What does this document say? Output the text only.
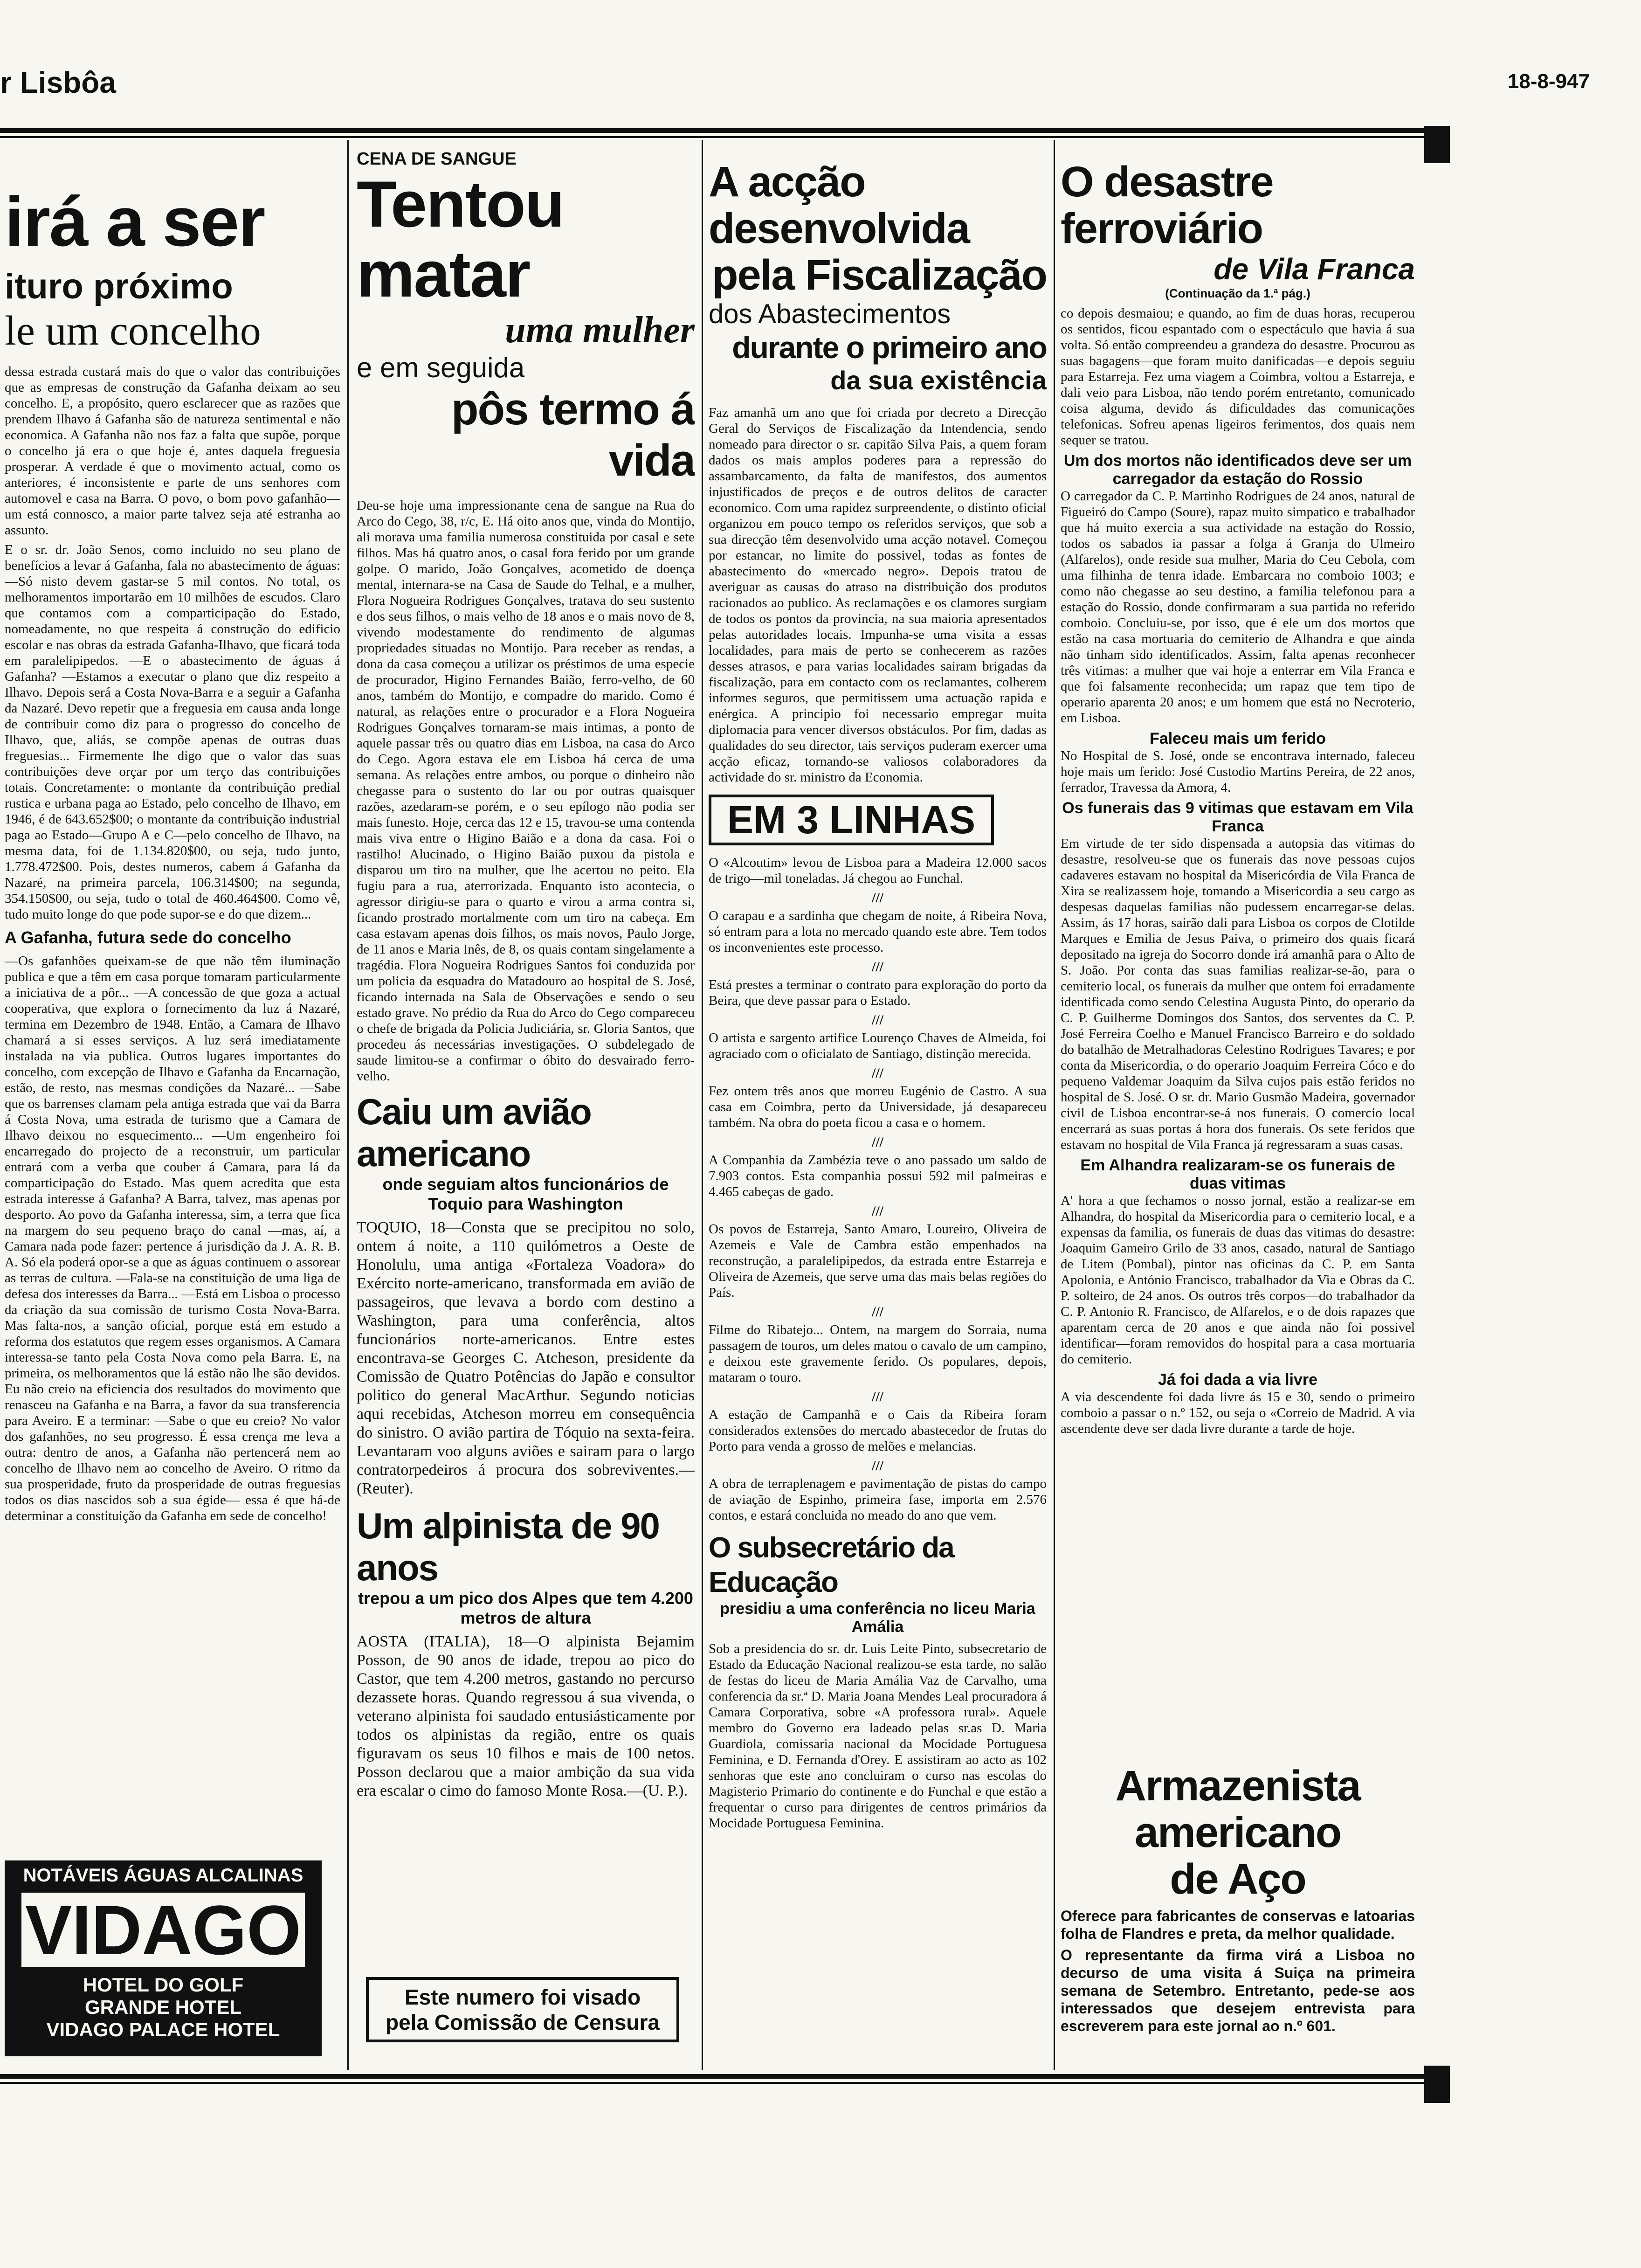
r Lisbôa	18-8-947
irá a ser
ituro próximo
le um concelho
dessa estrada custará mais do que o valor das contribuições que as empresas de construção da Gafanha deixam ao seu concelho. E, a propósito, quero esclarecer que as razões que prendem Ilhavo á Gafanha são de natureza sentimental e não economica. A Gafanha não nos faz a falta que supõe, porque o concelho já era o que hoje é, antes daquela freguesia prosperar. A verdade é que o movimento actual, como os anteriores, é inconsistente e parte de uns senhores com automovel e casa na Barra. O povo, o bom povo gafanhão— um está connosco, a maior parte talvez seja até estranha ao assunto.
E o sr. dr. João Senos, como incluido no seu plano de benefícios a levar á Gafanha, fala no abastecimento de águas: —Só nisto devem gastar-se 5 mil contos. No total, os melhoramentos importarão em 10 milhões de escudos. Claro que contamos com a comparticipação do Estado, nomeadamente, no que respeita á construção do edificio escolar e nas obras da estrada Gafanha-Ilhavo, que ficará toda em paralelipipedos. —E o abastecimento de águas á Gafanha? —Estamos a executar o plano que diz respeito a Ilhavo. Depois será a Costa Nova-Barra e a seguir a Gafanha da Nazaré. Devo repetir que a freguesia em causa anda longe de contribuir como diz para o progresso do concelho de Ilhavo, que, aliás, se compõe apenas de outras duas freguesias... Firmemente lhe digo que o valor das suas contribuições deve orçar por um terço das contribuições totais. Concretamente: o montante da contribuição predial rustica e urbana paga ao Estado, pelo concelho de Ilhavo, em 1946, é de 643.652$00; o montante da contribuição industrial paga ao Estado—Grupo A e C—pelo concelho de Ilhavo, na mesma data, foi de 1.134.820$00, ou seja, tudo junto, 1.778.472$00. Pois, destes numeros, cabem á Gafanha da Nazaré, na primeira parcela, 106.314$00; na segunda, 354.150$00, ou seja, tudo o total de 460.464$00. Como vê, tudo muito longe do que pode supor-se e do que dizem...
A Gafanha, futura sede do concelho
—Os gafanhões queixam-se de que não têm iluminação publica e que a têm em casa porque tomaram particularmente a iniciativa de a pôr... —A concessão de que goza a actual cooperativa, que explora o fornecimento da luz á Nazaré, termina em Dezembro de 1948. Então, a Camara de Ilhavo chamará a si esses serviços. A luz será imediatamente instalada na via publica. Outros lugares importantes do concelho, com excepção de Ilhavo e Gafanha da Encarnação, estão, de resto, nas mesmas condições da Nazaré... —Sabe que os barrenses clamam pela antiga estrada que vai da Barra á Costa Nova, uma estrada de turismo que a Camara de Ilhavo deixou no esquecimento... —Um engenheiro foi encarregado do projecto de a reconstruir, um particular entrará com a verba que couber á Camara, para lá da comparticipação do Estado. Mas quem acredita que esta estrada interesse á Gafanha? A Barra, talvez, mas apenas por desporto. Ao povo da Gafanha interessa, sim, a terra que fica na margem do seu pequeno braço do canal —mas, aí, a Camara nada pode fazer: pertence á jurisdição da J. A. R. B. A. Só ela poderá opor-se a que as águas continuem o assorear as terras de cultura. —Fala-se na constituição de uma liga de defesa dos interesses da Barra... —Está em Lisboa o processo da criação da sua comissão de turismo Costa Nova-Barra. Mas falta-nos, a sanção oficial, porque está em estudo a reforma dos estatutos que regem esses organismos. A Camara interessa-se tanto pela Costa Nova como pela Barra. E, na primeira, os melhoramentos que lá estão não lhe são devidos. Eu não creio na eficiencia dos resultados do movimento que renasceu na Gafanha e na Barra, a favor da sua transferencia para Aveiro. E a terminar: —Sabe o que eu creio? No valor dos gafanhões, no seu progresso. É essa crença me leva a outra: dentro de anos, a Gafanha não pertencerá nem ao concelho de Ilhavo nem ao concelho de Aveiro. O ritmo da sua prosperidade, fruto da prosperidade de outras freguesias todos os dias nascidos sob a sua égide— essa é que há-de determinar a constituição da Gafanha em sede de concelho!
NOTÁVEIS ÁGUAS ALCALINAS
VIDAGO
HOTEL DO GOLF
GRANDE HOTEL
VIDAGO PALACE HOTEL
CENA DE SANGUE
Tentou matar
uma mulher
e em seguida
pôs termo á vida
Deu-se hoje uma impressionante cena de sangue na Rua do Arco do Cego, 38, r/c, E. Há oito anos que, vinda do Montijo, ali morava uma familia numerosa constituida por casal e sete filhos. Mas há quatro anos, o casal fora ferido por um grande golpe. O marido, João Gonçalves, acometido de doença mental, internara-se na Casa de Saude do Telhal, e a mulher, Flora Nogueira Rodrigues Gonçalves, tratava do seu sustento e dos seus filhos, o mais velho de 18 anos e o mais novo de 8, vivendo modestamente do rendimento de algumas propriedades situadas no Montijo. Para receber as rendas, a dona da casa começou a utilizar os préstimos de uma especie de procurador, Higino Fernandes Baião, ferro-velho, de 60 anos, também do Montijo, e compadre do marido. Como é natural, as relações entre o procurador e a Flora Nogueira Rodrigues Gonçalves tornaram-se mais intimas, a ponto de aquele passar três ou quatro dias em Lisboa, na casa do Arco do Cego. Agora estava ele em Lisboa há cerca de uma semana. As relações entre ambos, ou porque o dinheiro não chegasse para o sustento do lar ou por outras quaisquer razões, azedaram-se porém, e o seu epílogo não podia ser mais funesto. Hoje, cerca das 12 e 15, travou-se uma contenda mais viva entre o Higino Baião e a dona da casa. Foi o rastilho! Alucinado, o Higino Baião puxou da pistola e disparou um tiro na mulher, que lhe acertou no peito. Ela fugiu para a rua, aterrorizada. Enquanto isto acontecia, o agressor dirigiu-se para o quarto e virou a arma contra si, ficando prostrado mortalmente com um tiro na cabeça. Em casa estavam apenas dois filhos, os mais novos, Paulo Jorge, de 11 anos e Maria Inês, de 8, os quais contam singelamente a tragédia. Flora Nogueira Rodrigues Santos foi conduzida por um policia da esquadra do Matadouro ao hospital de S. José, ficando internada na Sala de Observações e sendo o seu estado grave. No prédio da Rua do Arco do Cego compareceu o chefe de brigada da Policia Judiciária, sr. Gloria Santos, que procedeu ás necessárias investigações. O subdelegado de saude limitou-se a confirmar o óbito do desvairado ferro-velho.
Caiu um avião americano
onde seguiam altos funcionários de Toquio para Washington
TOQUIO, 18—Consta que se precipitou no solo, ontem á noite, a 110 quilómetros a Oeste de Honolulu, uma antiga «Fortaleza Voadora» do Exército norte-americano, transformada em avião de passageiros, que levava a bordo com destino a Washington, para uma conferência, altos funcionários norte-americanos. Entre estes encontrava-se Georges C. Atcheson, presidente da Comissão de Quatro Potências do Japão e consultor politico do general MacArthur. Segundo noticias aqui recebidas, Atcheson morreu em consequência do sinistro. O avião partira de Tóquio na sexta-feira. Levantaram voo alguns aviões e sairam para o largo contratorpedeiros á procura dos sobreviventes.—(Reuter).
Um alpinista de 90 anos
trepou a um pico dos Alpes que tem 4.200 metros de altura
AOSTA (ITALIA), 18—O alpinista Bejamim Posson, de 90 anos de idade, trepou ao pico do Castor, que tem 4.200 metros, gastando no percurso dezassete horas. Quando regressou á sua vivenda, o veterano alpinista foi saudado entusiásticamente por todos os alpinistas da região, entre os quais figuravam os seus 10 filhos e mais de 100 netos. Posson declarou que a maior ambição da sua vida era escalar o cimo do famoso Monte Rosa.—(U. P.).
Este numero foi visado
pela Comissão de Censura
A acção desenvolvida
pela Fiscalização
dos Abastecimentos
durante o primeiro ano
da sua existência
Faz amanhã um ano que foi criada por decreto a Direcção Geral do Serviços de Fiscalização da Intendencia, sendo nomeado para director o sr. capitão Silva Pais, a quem foram dados os mais amplos poderes para a repressão do assambarcamento, da falta de manifestos, dos aumentos injustificados de preços e de outros delitos de caracter economico. Com uma rapidez surpreendente, o distinto oficial organizou em pouco tempo os referidos serviços, que sob a sua direcção têm desenvolvido uma acção notavel. Começou por estancar, no limite do possivel, todas as fontes de abastecimento do «mercado negro». Depois tratou de averiguar as causas do atraso na distribuição dos produtos racionados ao publico. As reclamações e os clamores surgiam de todos os pontos da provincia, na sua maioria apresentados pelas autoridades locais. Impunha-se uma visita a essas localidades, para mais de perto se conhecerem as razões desses atrasos, e para varias localidades sairam brigadas da fiscalização, para em contacto com os reclamantes, colherem informes seguros, que permitissem uma actuação rapida e enérgica. A principio foi necessario empregar muita diplomacia para vencer diversos obstáculos. Por fim, dadas as qualidades do seu director, tais serviços puderam exercer uma acção eficaz, tornando-se valiosos colaboradores da actividade do sr. ministro da Economia.
EM 3 LINHAS
O «Alcoutim» levou de Lisboa para a Madeira 12.000 sacos de trigo—mil toneladas. Já chegou ao Funchal.
///
O carapau e a sardinha que chegam de noite, á Ribeira Nova, só entram para a lota no mercado quando este abre. Tem todos os inconvenientes este processo.
///
Está prestes a terminar o contrato para exploração do porto da Beira, que deve passar para o Estado.
///
O artista e sargento artifice Lourenço Chaves de Almeida, foi agraciado com o oficialato de Santiago, distinção merecida.
///
Fez ontem três anos que morreu Eugénio de Castro. A sua casa em Coimbra, perto da Universidade, já desapareceu também. Na obra do poeta ficou a casa e o homem.
///
A Companhia da Zambézia teve o ano passado um saldo de 7.903 contos. Esta companhia possui 592 mil palmeiras e 4.465 cabeças de gado.
///
Os povos de Estarreja, Santo Amaro, Loureiro, Oliveira de Azemeis e Vale de Cambra estão empenhados na reconstrução, a paralelipipedos, da estrada entre Estarreja e Oliveira de Azemeis, que serve uma das mais belas regiões do País.
///
Filme do Ribatejo... Ontem, na margem do Sorraia, numa passagem de touros, um deles matou o cavalo de um campino, e deixou este gravemente ferido. Os populares, depois, mataram o touro.
///
A estação de Campanhã e o Cais da Ribeira foram considerados extensões do mercado abastecedor de frutas do Porto para venda a grosso de melões e melancias.
///
A obra de terraplenagem e pavimentação de pistas do campo de aviação de Espinho, primeira fase, importa em 2.576 contos, e estará concluida no meado do ano que vem.
O subsecretário da Educação
presidiu a uma conferência no liceu Maria Amália
Sob a presidencia do sr. dr. Luis Leite Pinto, subsecretario de Estado da Educação Nacional realizou-se esta tarde, no salão de festas do liceu de Maria Amália Vaz de Carvalho, uma conferencia da sr.ª D. Maria Joana Mendes Leal procuradora á Camara Corporativa, sobre «A professora rural». Aquele membro do Governo era ladeado pelas sr.as D. Maria Guardiola, comissaria nacional da Mocidade Portuguesa Feminina, e D. Fernanda d'Orey. E assistiram ao acto as 102 senhoras que este ano concluiram o curso nas escolas do Magisterio Primario do continente e do Funchal e que estão a frequentar o curso para dirigentes de centros primários da Mocidade Portuguesa Feminina.
O desastre ferroviário
de Vila Franca
(Continuação da 1.ª pág.)
co depois desmaiou; e quando, ao fim de duas horas, recuperou os sentidos, ficou espantado com o espectáculo que havia á sua volta. Só então compreendeu a grandeza do desastre. Procurou as suas bagagens—que foram muito danificadas—e depois seguiu para Estarreja. Fez uma viagem a Coimbra, voltou a Estarreja, e dali veio para Lisboa, não tendo porém entretanto, comunicado coisa alguma, devido ás dificuldades das comunicações telefonicas. Sofreu apenas ligeiros ferimentos, dos quais nem sequer se tratou.
Um dos mortos não identificados deve ser um carregador da estação do Rossio
O carregador da C. P. Martinho Rodrigues de 24 anos, natural de Figueiró do Campo (Soure), rapaz muito simpatico e trabalhador que há muito exercia a sua actividade na estação do Rossio, todos os sabados ia passar a folga á Granja do Ulmeiro (Alfarelos), onde reside sua mulher, Maria do Ceu Cebola, com uma filhinha de tenra idade. Embarcara no comboio 1003; e como não chegasse ao seu destino, a familia telefonou para a estação do Rossio, donde confirmaram a sua partida no referido comboio. Concluiu-se, por isso, que é ele um dos mortos que estão na casa mortuaria do cemiterio de Alhandra e que ainda não tinham sido identificados. Assim, falta apenas reconhecer três vitimas: a mulher que vai hoje a enterrar em Vila Franca e que foi falsamente reconhecida; um rapaz que tem tipo de operario aparenta 20 anos; e um homem que está no Necroterio, em Lisboa.
Faleceu mais um ferido
No Hospital de S. José, onde se encontrava internado, faleceu hoje mais um ferido: José Custodio Martins Pereira, de 22 anos, ferrador, Travessa da Amora, 4.
Os funerais das 9 vitimas que estavam em Vila Franca
Em virtude de ter sido dispensada a autopsia das vitimas do desastre, resolveu-se que os funerais das nove pessoas cujos cadaveres estavam no hospital da Misericórdia de Vila Franca de Xira se realizassem hoje, tomando a Misericordia a seu cargo as despesas daquelas familias não pudessem encarregar-se delas. Assim, ás 17 horas, sairão dali para Lisboa os corpos de Clotilde Marques e Emilia de Jesus Paiva, o primeiro dos quais ficará depositado na igreja do Socorro donde irá amanhã para o Alto de S. João. Por conta das suas familias realizar-se-ão, para o cemiterio local, os funerais da mulher que ontem foi erradamente identificada como sendo Celestina Augusta Pinto, do operario da C. P. Guilherme Domingos dos Santos, dos serventes da C. P. José Ferreira Coelho e Manuel Francisco Barreiro e do soldado do batalhão de Metralhadoras Celestino Rodrigues Tavares; e por conta da Misericordia, o do operario Joaquim Ferreira Cóco e do pequeno Valdemar Joaquim da Silva cujos pais estão feridos no hospital de S. José. O sr. dr. Mario Gusmão Madeira, governador civil de Lisboa encontrar-se-á nos funerais. O comercio local encerrará as suas portas á hora dos funerais. Os sete feridos que estavam no hospital de Vila Franca já regressaram a suas casas.
Em Alhandra realizaram-se os funerais de duas vitimas
A' hora a que fechamos o nosso jornal, estão a realizar-se em Alhandra, do hospital da Misericordia para o cemiterio local, e a expensas da familia, os funerais de duas das vitimas do desastre: Joaquim Gameiro Grilo de 33 anos, casado, natural de Santiago de Litem (Pombal), pintor nas oficinas da C. P. em Santa Apolonia, e António Francisco, trabalhador da Via e Obras da C. P. solteiro, de 24 anos. Os outros três corpos—do trabalhador da C. P. Antonio R. Francisco, de Alfarelos, e o de dois rapazes que aparentam cerca de 20 anos e que ainda não foi possivel identificar—foram removidos do hospital para a casa mortuaria do cemiterio.
Já foi dada a via livre
A via descendente foi dada livre ás 15 e 30, sendo o primeiro comboio a passar o n.º 152, ou seja o «Correio de Madrid. A via ascendente deve ser dada livre durante a tarde de hoje.
Armazenista americano
de Aço
Oferece para fabricantes de conservas e latoarias folha de Flandres e preta, da melhor qualidade.
O representante da firma virá a Lisboa no decurso de uma visita á Suiça na primeira semana de Setembro. Entretanto, pede-se aos interessados que desejem entrevista para escreverem para este jornal ao n.º 601.
